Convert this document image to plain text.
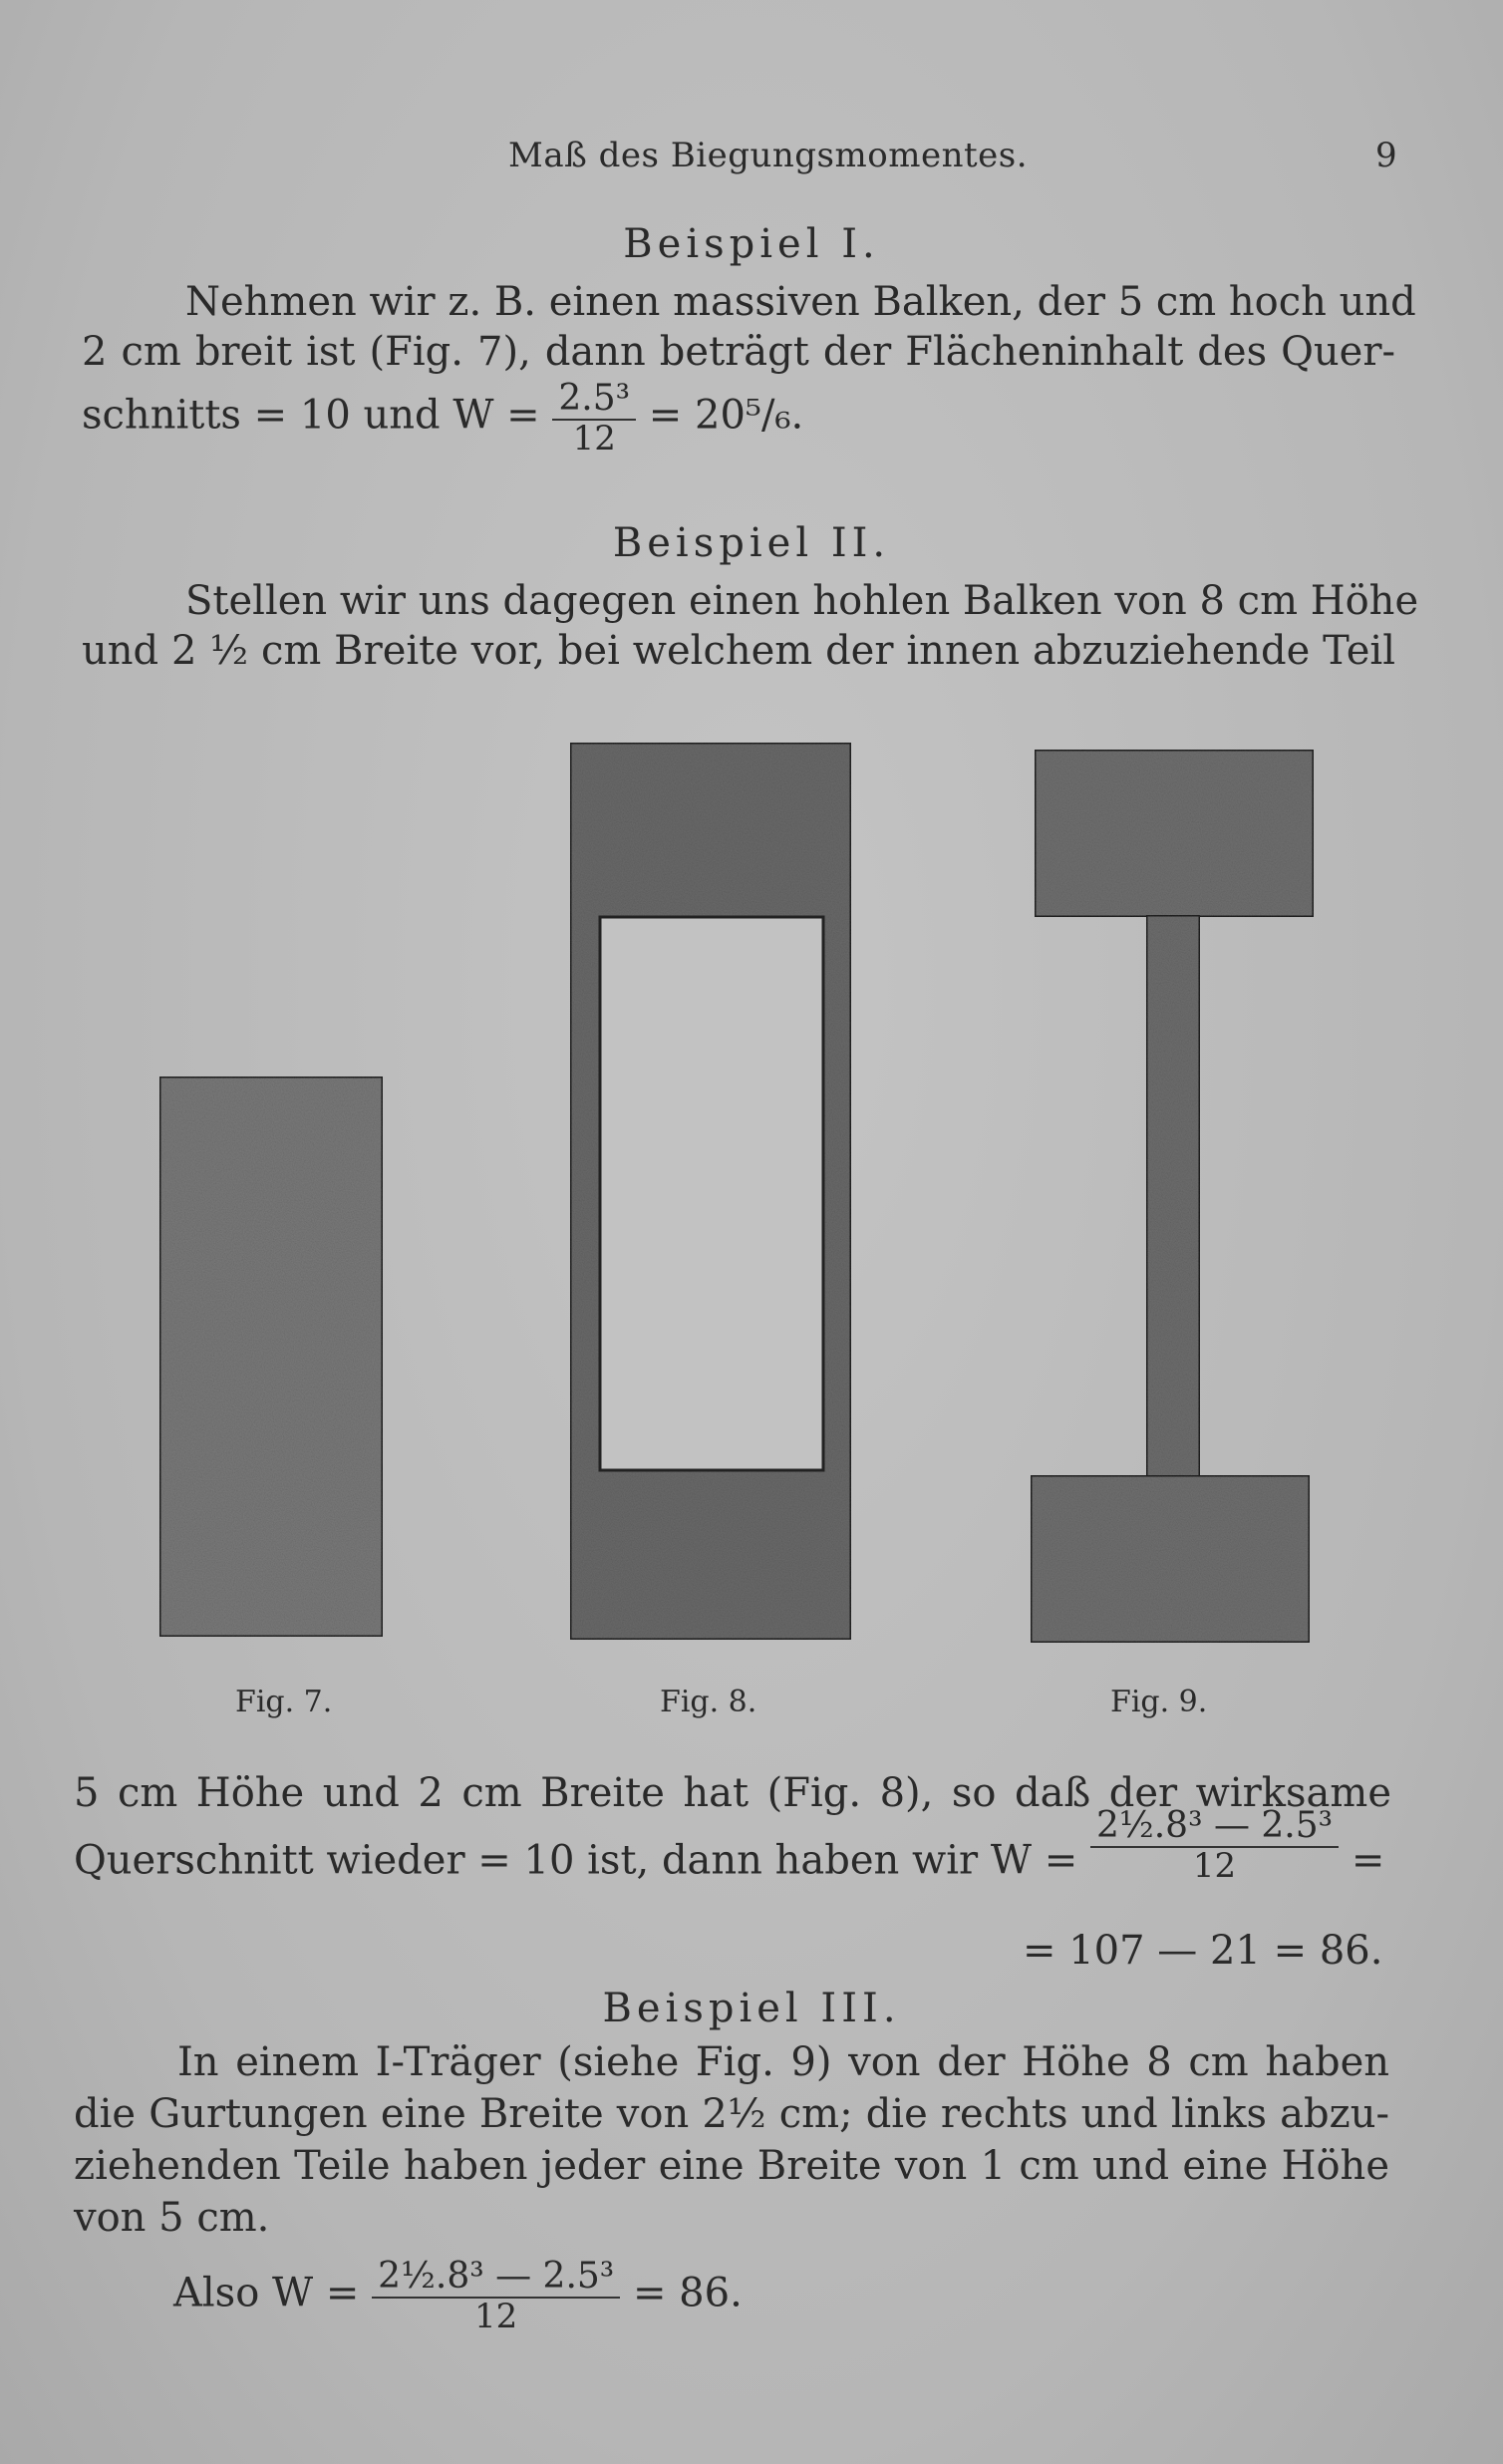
Maß des Biegungsmomentes.	9
Beispiel I.
Nehmen wir z. B. einen massiven Balken, der 5 cm hoch und
2 cm breit ist (Fig. 7), dann beträgt der Flächeninhalt des Quer-
schnitts = 10 und $W = \frac{\text{2.5³}}{12} = 20^5/_6$.
Beispiel II.
Stellen wir uns dagegen einen hohlen Balken von 8 cm Höhe
und 2 ½ cm Breite vor, bei welchem der innen abzuziehende Teil
Fig. 7.	Fig. 8.	Fig. 9.
5 cm Höhe und 2 cm Breite hat (Fig. 8), so daß der wirksame
Querschnitt wieder = 10 ist, dann haben wir $W = \frac{\text{2½.8³ — 2.5³}}{12}$ =
= 107 — 21 = 86.
Beispiel III.
In einem I-Träger (siehe Fig. 9) von der Höhe 8 cm haben
die Gurtungen eine Breite von 2½ cm; die rechts und links abzu-
ziehenden Teile haben jeder eine Breite von 1 cm und eine Höhe
von 5 cm.
Also $W = \frac{\text{2½.8³ — 2.5³}}{12} = 86$.
